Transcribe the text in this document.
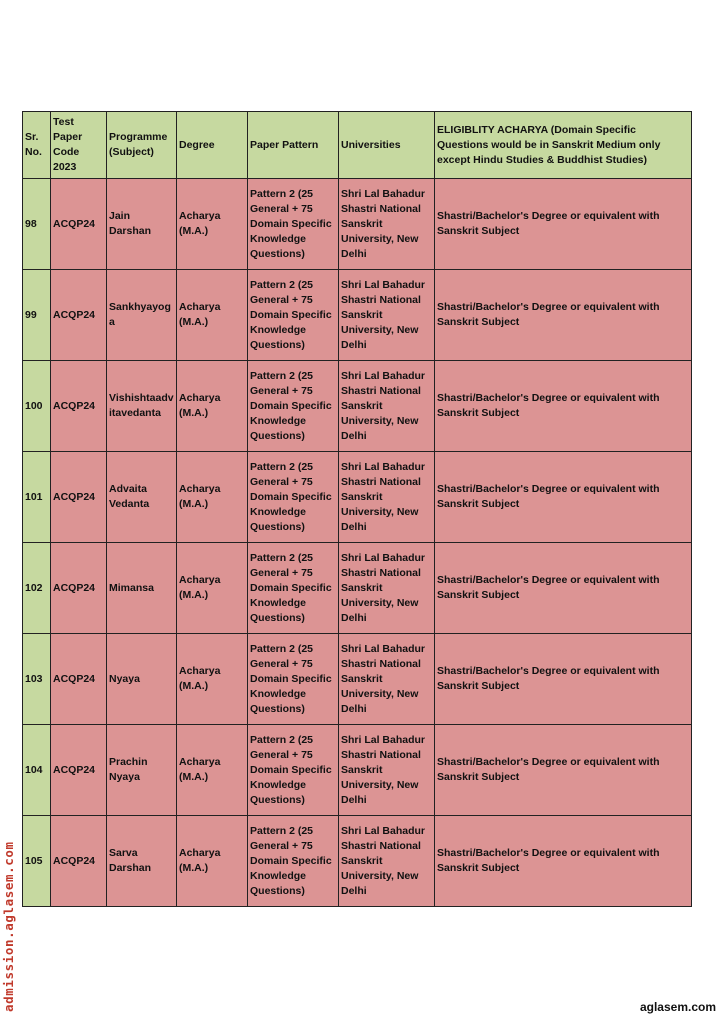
Sr. No.	Test Paper Code 2023	Programme (Subject)	Degree	Paper Pattern	Universities	ELIGIBLITY ACHARYA (Domain Specific Questions would be in Sanskrit Medium only except Hindu Studies & Buddhist Studies)
98	ACQP24	Jain Darshan	Acharya (M.A.)	Pattern 2 (25 General + 75 Domain Specific Knowledge Questions)	Shri Lal Bahadur Shastri National Sanskrit University, New Delhi	Shastri/Bachelor's Degree or equivalent with Sanskrit Subject
99	ACQP24	Sankhyayoga	Acharya (M.A.)	Pattern 2 (25 General + 75 Domain Specific Knowledge Questions)	Shri Lal Bahadur Shastri National Sanskrit University, New Delhi	Shastri/Bachelor's Degree or equivalent with Sanskrit Subject
100	ACQP24	Vishishtaadvitavedanta	Acharya (M.A.)	Pattern 2 (25 General + 75 Domain Specific Knowledge Questions)	Shri Lal Bahadur Shastri National Sanskrit University, New Delhi	Shastri/Bachelor's Degree or equivalent with Sanskrit Subject
101	ACQP24	Advaita Vedanta	Acharya (M.A.)	Pattern 2 (25 General + 75 Domain Specific Knowledge Questions)	Shri Lal Bahadur Shastri National Sanskrit University, New Delhi	Shastri/Bachelor's Degree or equivalent with Sanskrit Subject
102	ACQP24	Mimansa	Acharya (M.A.)	Pattern 2 (25 General + 75 Domain Specific Knowledge Questions)	Shri Lal Bahadur Shastri National Sanskrit University, New Delhi	Shastri/Bachelor's Degree or equivalent with Sanskrit Subject
103	ACQP24	Nyaya	Acharya (M.A.)	Pattern 2 (25 General + 75 Domain Specific Knowledge Questions)	Shri Lal Bahadur Shastri National Sanskrit University, New Delhi	Shastri/Bachelor's Degree or equivalent with Sanskrit Subject
104	ACQP24	Prachin Nyaya	Acharya (M.A.)	Pattern 2 (25 General + 75 Domain Specific Knowledge Questions)	Shri Lal Bahadur Shastri National Sanskrit University, New Delhi	Shastri/Bachelor's Degree or equivalent with Sanskrit Subject
105	ACQP24	Sarva Darshan	Acharya (M.A.)	Pattern 2 (25 General + 75 Domain Specific Knowledge Questions)	Shri Lal Bahadur Shastri National Sanskrit University, New Delhi	Shastri/Bachelor's Degree or equivalent with Sanskrit Subject
admission.aglasem.com	aglasem.com
